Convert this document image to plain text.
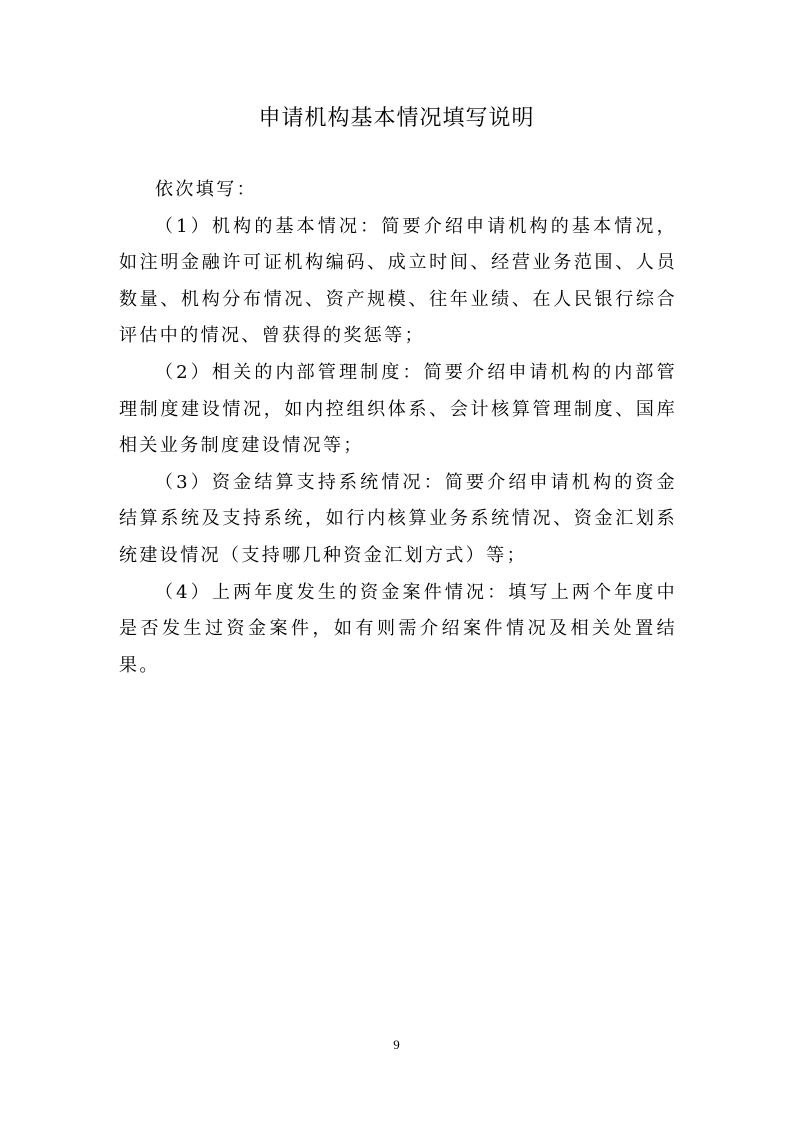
申请机构基本情况填写说明

依次填写：

（1）机构的基本情况：简要介绍申请机构的基本情况，如注明金融许可证机构编码、成立时间、经营业务范围、人员数量、机构分布情况、资产规模、往年业绩、在人民银行综合评估中的情况、曾获得的奖惩等；

（2）相关的内部管理制度：简要介绍申请机构的内部管理制度建设情况，如内控组织体系、会计核算管理制度、国库相关业务制度建设情况等；

（3）资金结算支持系统情况：简要介绍申请机构的资金结算系统及支持系统，如行内核算业务系统情况、资金汇划系统建设情况（支持哪几种资金汇划方式）等；

（4）上两年度发生的资金案件情况：填写上两个年度中是否发生过资金案件，如有则需介绍案件情况及相关处置结果。

9
